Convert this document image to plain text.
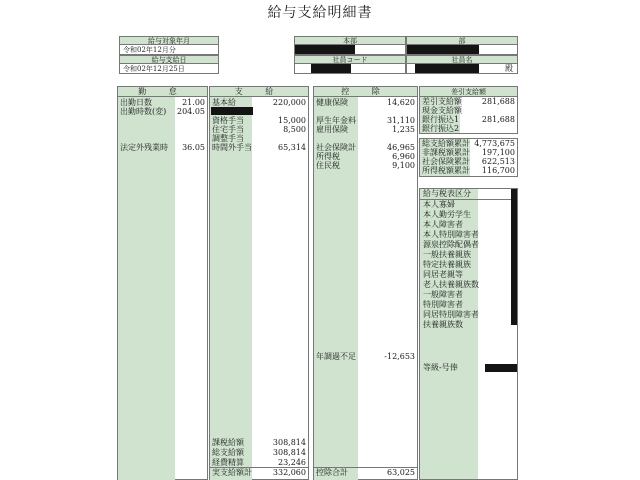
給与支給明細書
給与対象年月
令和02年12月分
給与支給日
令和02年12月25日
本部	部
社員コード	社員名
殿
勤 怠
出勤日数	21.00
出勤時数(変) 204.05
法定外残業時 36.05
支 給
基本給	220,000
資格手当	15,000
住宅手当	8,500
調整手当
時間外手当	65,314
課税給額	308,814
総支給額	308,814
経費精算	23,246
実支給額計	332,060
控 除
健康保険	14,620
厚生年金料	31,110
雇用保険	1,235
社会保険計	46,965
所得税	6,960
住民税	9,100
年調過不足	-12,653
控除合計	63,025
差引支給額
差引支給額 281,688
現金支給額
銀行振込1	281,688
銀行振込2
総支給額累計 4,773,675
非課税額累計 197,100
社会保険累計 622,513
所得税額累計 116,700
給与税表区分
本人寡婦
本人勤労学生
本人障害者
本人特別障害者
源泉控除配偶者
一般扶養親族
特定扶養親族
同居老親等
老人扶養親族数
一般障害者
特別障害者
同居特別障害者
扶養親族数
等級-号俸
